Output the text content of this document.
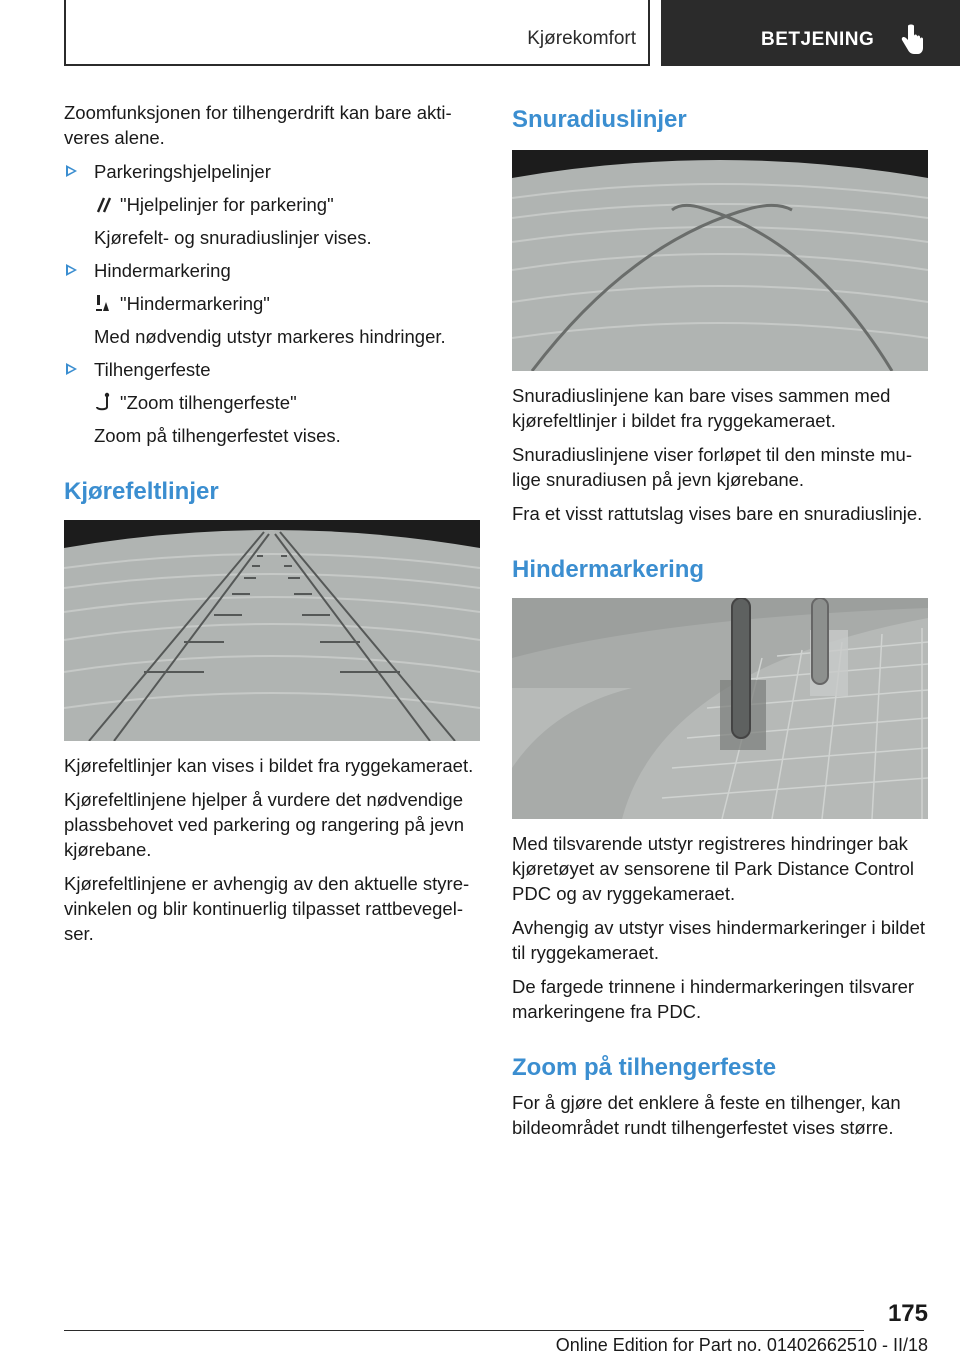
Kjørekomfort	BETJENING

Zoomfunksjonen for tilhengerdrift kan bare aktiveres alene.

Parkeringshjelpelinjer
"Hjelpelinjer for parkering"
Kjørefelt- og snuradiuslinjer vises.
Hindermarkering
"Hindermarkering"
Med nødvendig utstyr markeres hindringer.
Tilhengerfeste
"Zoom tilhengerfeste"
Zoom på tilhengerfestet vises.
Kjørefeltlinjer

Kjørefeltlinjer kan vises i bildet fra ryggekameraet.

Kjørefeltlinjene hjelper å vurdere det nødvendige plassbehovet ved parkering og rangering på jevn kjørebane.

Kjørefeltlinjene er avhengig av den aktuelle styrevinkelen og blir kontinuerlig tilpasset rattbevegelser.

Snuradiuslinjer

Snuradiuslinjene kan bare vises sammen med kjørefeltlinjer i bildet fra ryggekameraet.

Snuradiuslinjene viser forløpet til den minste mulige snuradiusen på jevn kjørebane.

Fra et visst rattutslag vises bare en snuradiuslinje.

Hindermarkering

Med tilsvarende utstyr registreres hindringer bak kjøretøyet av sensorene til Park Distance Control PDC og av ryggekameraet.

Avhengig av utstyr vises hindermarkeringer i bildet til ryggekameraet.

De fargede trinnene i hindermarkeringen tilsvarer markeringene fra PDC.

Zoom på tilhengerfeste

For å gjøre det enklere å feste en tilhenger, kan bildeområdet rundt tilhengerfestet vises større.

175
Online Edition for Part no. 01402662510 - II/18
